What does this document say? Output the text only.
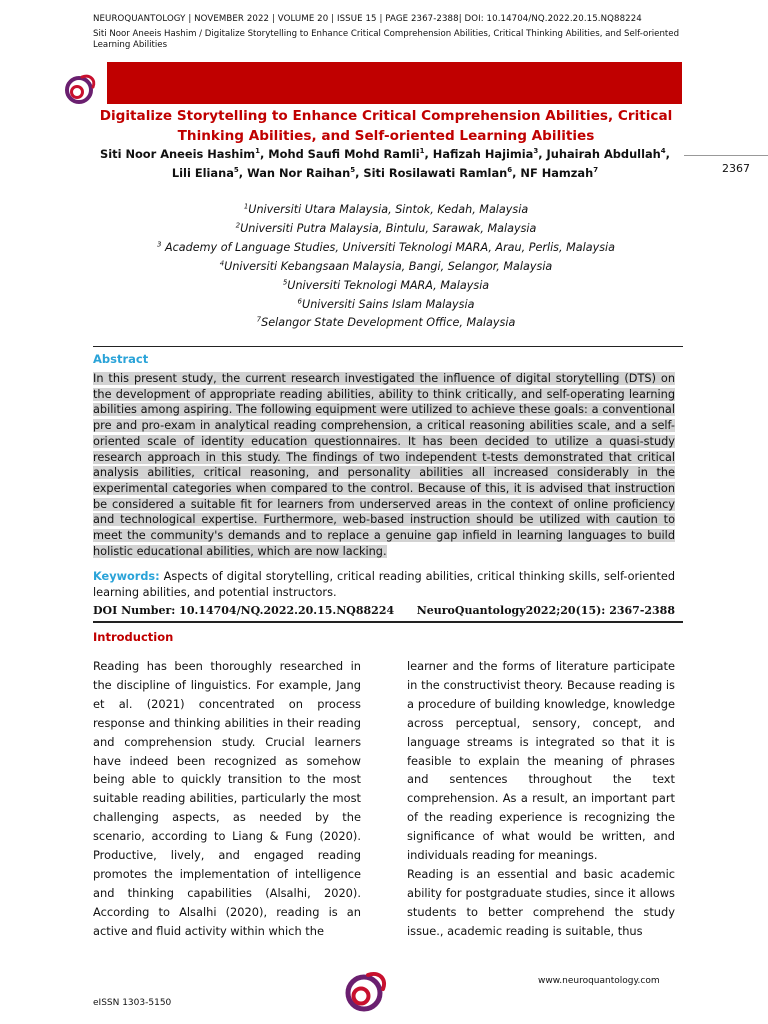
NEUROQUANTOLOGY | NOVEMBER 2022 | VOLUME 20 | ISSUE 15 | PAGE 2367-2388| DOI: 10.14704/NQ.2022.20.15.NQ88224
Siti Noor Aneeis Hashim / Digitalize Storytelling to Enhance Critical Comprehension Abilities, Critical Thinking Abilities, and Self-oriented
Learning Abilities
Digitalize Storytelling to Enhance Critical Comprehension Abilities, Critical
Thinking Abilities, and Self-oriented Learning Abilities
Siti Noor Aneeis Hashim$^1$, Mohd Saufi Mohd Ramli$^1$, Hafizah Hajimia$^3$, Juhairah Abdullah$^4$, Lili Eliana$^5$, Wan Nor Raihan$^5$, Siti Rosilawati Ramlan$^6$, NF Hamzah$^7$	2367
$^1$Universiti Utara Malaysia, Sintok, Kedah, Malaysia
$^2$Universiti Putra Malaysia, Bintulu, Sarawak, Malaysia
$^3$ Academy of Language Studies, Universiti Teknologi MARA, Arau, Perlis, Malaysia
$^4$Universiti Kebangsaan Malaysia, Bangi, Selangor, Malaysia
$^5$Universiti Teknologi MARA, Malaysia
$^6$Universiti Sains Islam Malaysia
$^7$Selangor State Development Office, Malaysia
Abstract
In this present study, the current research investigated the influence of digital storytelling (DTS) on the development of appropriate reading abilities, ability to think critically, and self-operating learning abilities among aspiring. The following equipment were utilized to achieve these goals: a conventional pre and pro-exam in analytical reading comprehension, a critical reasoning abilities scale, and a self-oriented scale of identity education questionnaires. It has been decided to utilize a quasi-study research approach in this study. The findings of two independent t-tests demonstrated that critical analysis abilities, critical reasoning, and personality abilities all increased considerably in the experimental categories when compared to the control. Because of this, it is advised that instruction be considered a suitable fit for learners from underserved areas in the context of online proficiency and technological expertise. Furthermore, web-based instruction should be utilized with caution to meet the community's demands and to replace a genuine gap infield in learning languages to build holistic educational abilities, which are now lacking.
Keywords: Aspects of digital storytelling, critical reading abilities, critical thinking skills, self-oriented learning abilities, and potential instructors.
DOI Number: 10.14704/NQ.2022.20.15.NQ88224 NeuroQuantology2022;20(15): 2367-2388
Introduction

Reading has been thoroughly researched in the discipline of linguistics. For example, Jang et al. (2021) concentrated on process response and thinking abilities in their reading and comprehension study. Crucial learners have indeed been recognized as somehow being able to quickly transition to the most suitable reading abilities, particularly the most challenging aspects, as needed by the scenario, according to Liang & Fung (2020). Productive, lively, and engaged reading promotes the implementation of intelligence and thinking capabilities (Alsalhi, 2020). According to Alsalhi (2020), reading is an active and fluid activity within which the

learner and the forms of literature participate in the constructivist theory. Because reading is a procedure of building knowledge, knowledge across perceptual, sensory, concept, and language streams is integrated so that it is feasible to explain the meaning of phrases and sentences throughout the text comprehension. As a result, an important part of the reading experience is recognizing the significance of what would be written, and individuals reading for meanings.

Reading is an essential and basic academic ability for postgraduate studies, since it allows students to better comprehend the study issue., academic reading is suitable, thus

www.neuroquantology.com
eISSN 1303-5150
